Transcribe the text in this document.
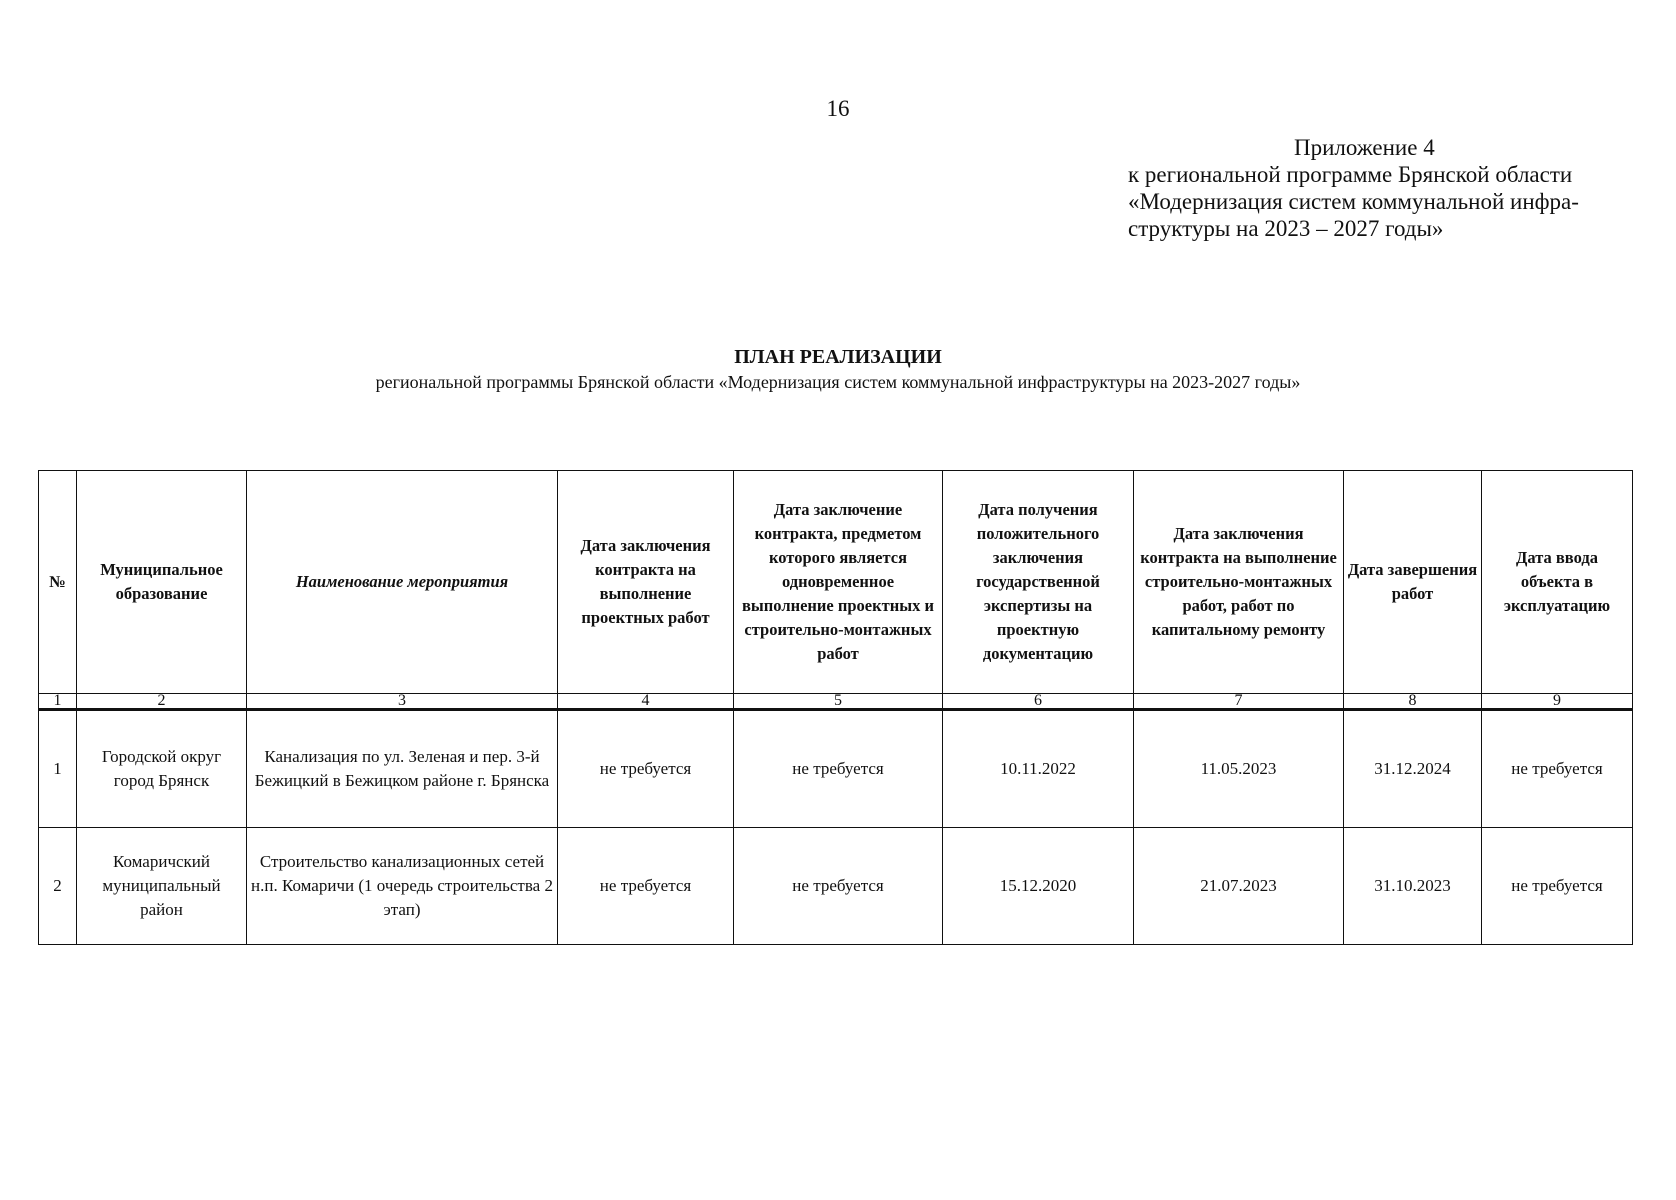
16
Приложение 4
к региональной программе Брянской области
«Модернизация систем коммунальной инфра-
структуры на 2023 – 2027 годы»
ПЛАН РЕАЛИЗАЦИИ
региональной программы Брянской области «Модернизация систем коммунальной инфраструктуры на 2023-2027 годы»
№	Муниципальное образование	Наименование мероприятия	Дата заключения контракта на выполнение проектных работ	Дата заключение контракта, предметом которого является одновременное выполнение проектных и строительно-монтажных работ	Дата получения положительного заключения государственной экспертизы на проектную документацию	Дата заключения контракта на выполнение строительно-монтажных работ, работ по капитальному ремонту	Дата завершения работ	Дата ввода объекта в эксплуатацию
1	2	3	4	5	6	7	8	9
1	Городской округ город Брянск	Канализация по ул. Зеленая и пер. 3-й Бежицкий в Бежицком районе г. Брянска	не требуется	не требуется	10.11.2022	11.05.2023	31.12.2024	не требуется
2	Комаричский муниципальный район	Строительство канализационных сетей н.п. Комаричи (1 очередь строительства 2 этап)	не требуется	не требуется	15.12.2020	21.07.2023	31.10.2023	не требуется
